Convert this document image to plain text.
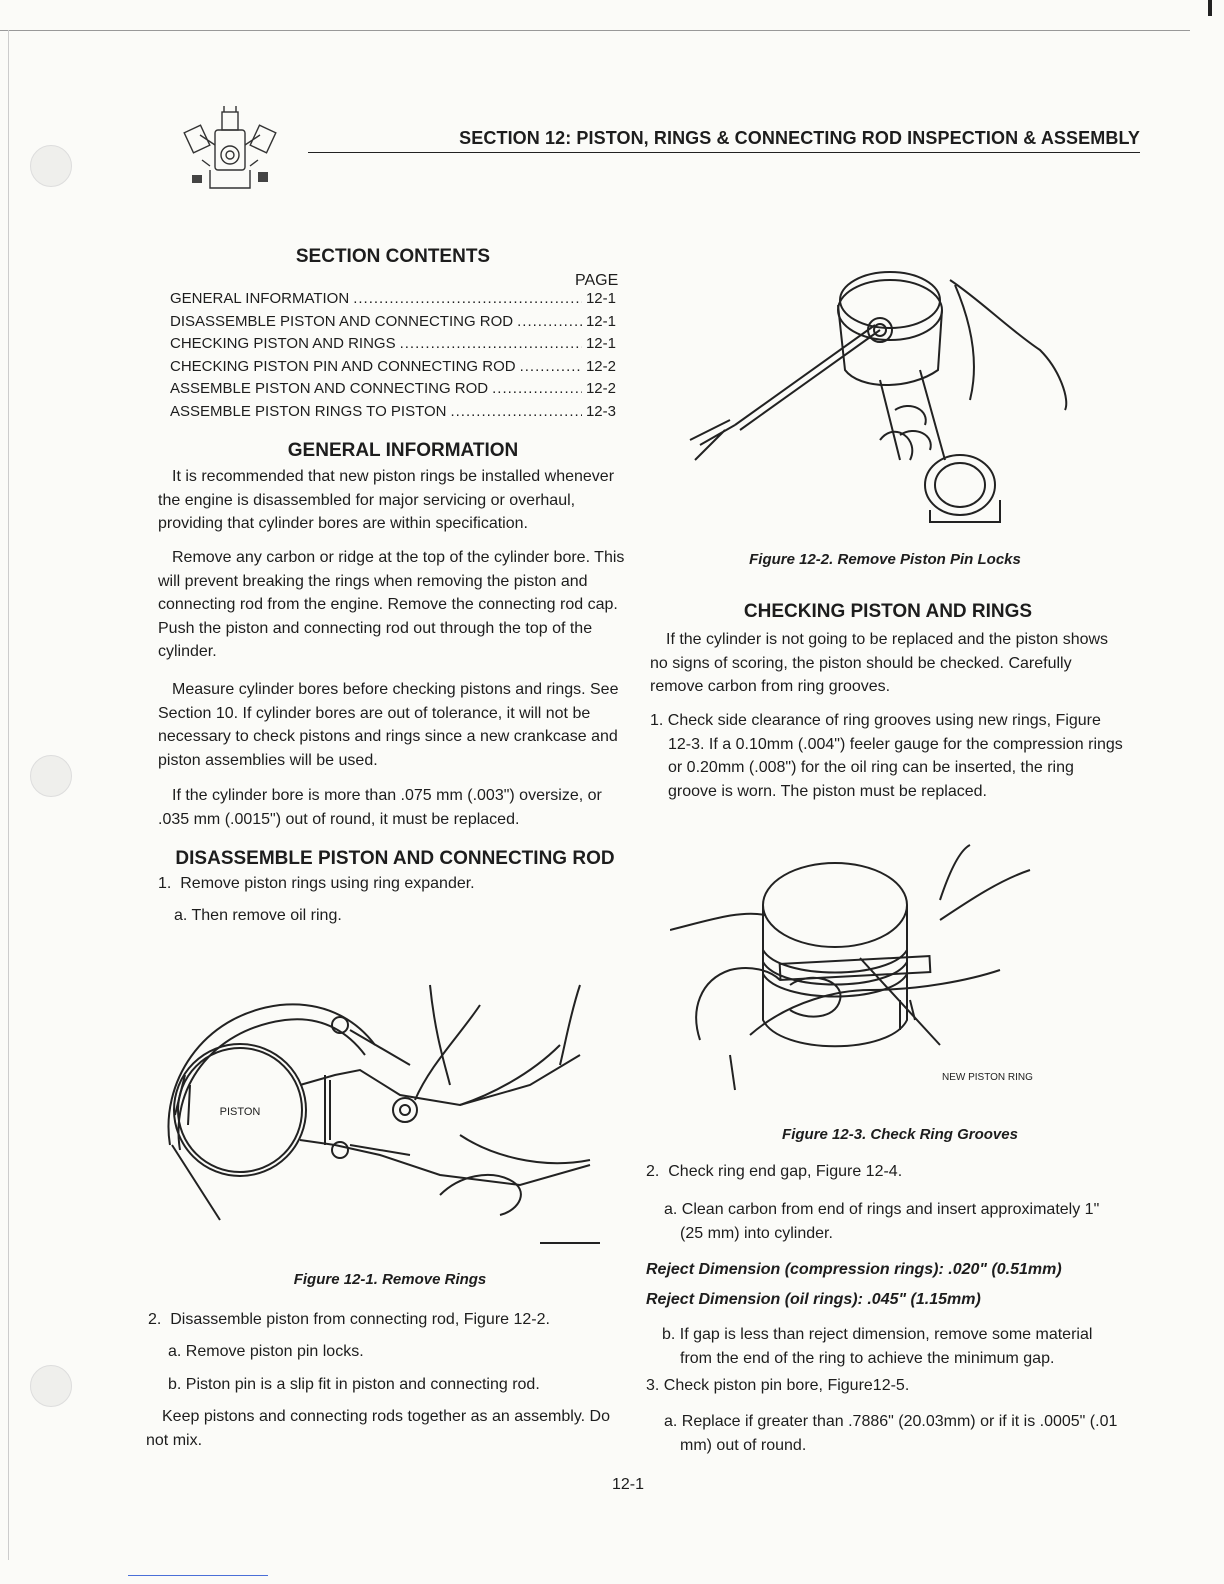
SECTION 12: PISTON, RINGS & CONNECTING ROD INSPECTION & ASSEMBLY
SECTION CONTENTS
PAGE
GENERAL INFORMATION .....	12-1
DISASSEMBLE PISTON AND CONNECTING ROD .....	12-1
CHECKING PISTON AND RINGS .....	12-1
CHECKING PISTON PIN AND CONNECTING ROD .....	12-2
ASSEMBLE PISTON AND CONNECTING ROD .....	12-2
ASSEMBLE PISTON RINGS TO PISTON .....	12-3
GENERAL INFORMATION
It is recommended that new piston rings be installed whenever the engine is disassembled for major servicing or overhaul, providing that cylinder bores are within specification.
Remove any carbon or ridge at the top of the cylinder bore. This will prevent breaking the rings when removing the piston and connecting rod from the engine. Remove the connecting rod cap. Push the piston and connecting rod out through the top of the cylinder.
Measure cylinder bores before checking pistons and rings. See Section 10. If cylinder bores are out of tolerance, it will not be necessary to check pistons and rings since a new crankcase and piston assemblies will be used.
If the cylinder bore is more than .075 mm (.003") oversize, or .035 mm (.0015") out of round, it must be replaced.
DISASSEMBLE PISTON AND CONNECTING ROD
1.  Remove piston rings using ring expander.
a. Then remove oil ring.
PISTON
Figure 12-1. Remove Rings
2.  Disassemble piston from connecting rod, Figure 12-2.
a. Remove piston pin locks.
b. Piston pin is a slip fit in piston and connecting rod.
Keep pistons and connecting rods together as an assembly. Do not mix.
Figure 12-2. Remove Piston Pin Locks
CHECKING PISTON AND RINGS
If the cylinder is not going to be replaced and the piston shows no signs of scoring, the piston should be checked. Carefully remove carbon from ring grooves.
1. Check side clearance of ring grooves using new rings, Figure 12-3. If a 0.10mm (.004") feeler gauge for the compression rings or 0.20mm (.008") for the oil ring can be inserted, the ring groove is worn. The piston must be replaced.
NEW PISTON RING
Figure 12-3. Check Ring Grooves
2.  Check ring end gap, Figure 12-4.
a. Clean carbon from end of rings and insert approximately 1" (25 mm) into cylinder.
Reject Dimension (compression rings): .020" (0.51mm)
Reject Dimension (oil rings): .045" (1.15mm)
b. If gap is less than reject dimension, remove some material from the end of the ring to achieve the minimum gap.
3. Check piston pin bore, Figure12-5.
a. Replace if greater than .7886" (20.03mm) or if it is .0005" (.01 mm) out of round.
12-1
